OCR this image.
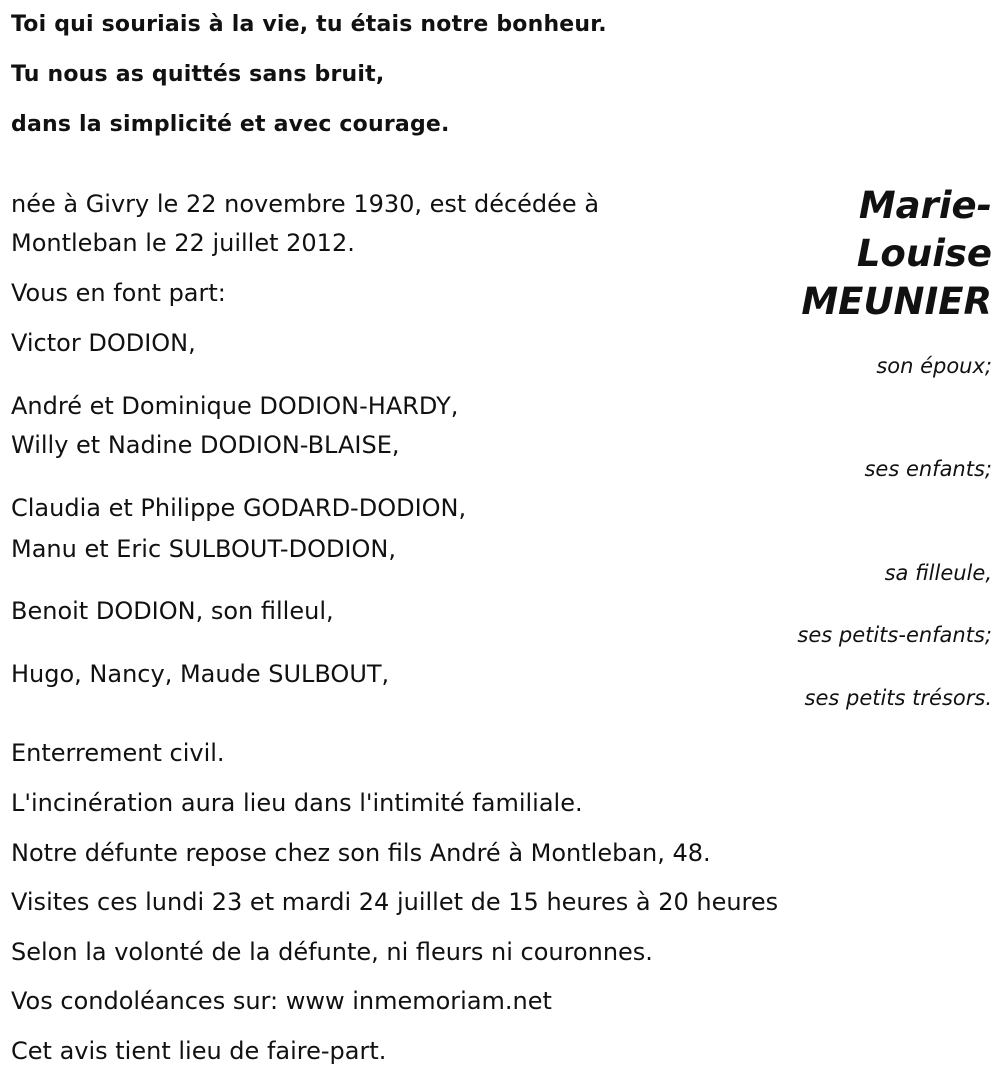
Toi qui souriais à la vie, tu étais notre bonheur.
Tu nous as quittés sans bruit,
dans la simplicité et avec courage.
Marie-
Louise
MEUNIER
née à Givry le 22 novembre 1930, est décédée à
Montleban le 22 juillet 2012.
Vous en font part:
Victor DODION,
son époux;
André et Dominique DODION-HARDY,
Willy et Nadine DODION-BLAISE,
ses enfants;
Claudia et Philippe GODARD-DODION,
Manu et Eric SULBOUT-DODION,
sa filleule,
Benoit DODION, son filleul,
ses petits-enfants;
Hugo, Nancy, Maude SULBOUT,
ses petits trésors.
Enterrement civil.
L'incinération aura lieu dans l'intimité familiale.
Notre défunte repose chez son fils André à Montleban, 48.
Visites ces lundi 23 et mardi 24 juillet de 15 heures à 20 heures
Selon la volonté de la défunte, ni fleurs ni couronnes.
Vos condoléances sur: www inmemoriam.net
Cet avis tient lieu de faire-part.
